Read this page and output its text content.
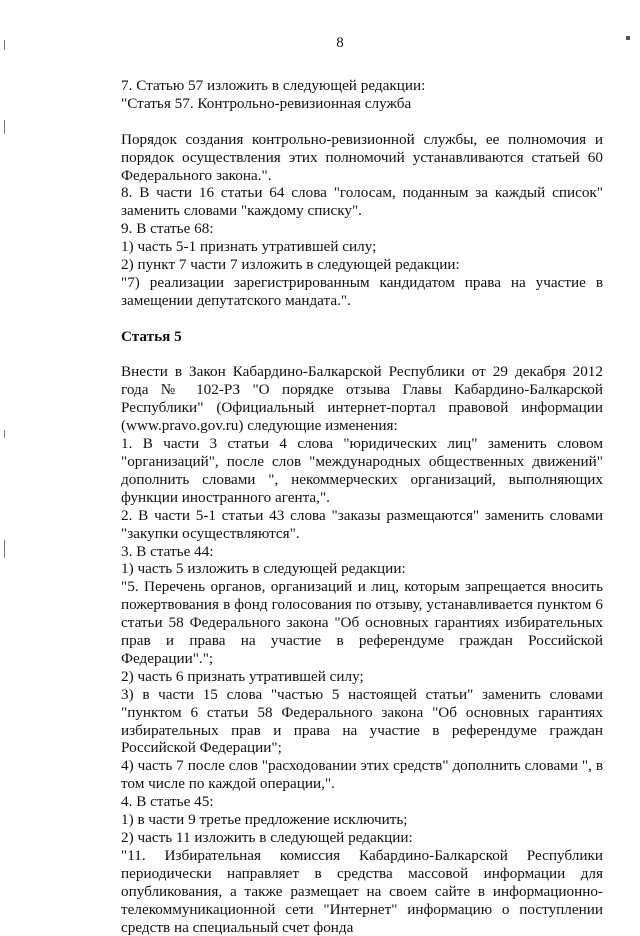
8

7. Статью 57 изложить в следующей редакции:

"Статья 57. Контрольно-ревизионная служба

Порядок создания контрольно-ревизионной службы, ее полномочия и порядок осуществления этих полномочий устанавливаются статьей 60 Федерального закона.".

8. В части 16 статьи 64 слова "голосам, поданным за каждый список" заменить словами "каждому списку".

9. В статье 68:

1) часть 5-1 признать утратившей силу;

2) пункт 7 части 7 изложить в следующей редакции:

"7) реализации зарегистрированным кандидатом права на участие в замещении депутатского мандата.".

Статья 5

Внести в Закон Кабардино-Балкарской Республики от 29 декабря 2012 года № 102-РЗ "О порядке отзыва Главы Кабардино-Балкарской Республики" (Официальный интернет-портал правовой информации (www.pravo.gov.ru) следующие изменения:

1. В части 3 статьи 4 слова "юридических лиц" заменить словом "организаций", после слов "международных общественных движений" дополнить словами ", некоммерческих организаций, выполняющих функции иностранного агента,".

2. В части 5-1 статьи 43 слова "заказы размещаются" заменить словами "закупки осуществляются".

3. В статье 44:

1) часть 5 изложить в следующей редакции:

"5. Перечень органов, организаций и лиц, которым запрещается вносить пожертвования в фонд голосования по отзыву, устанавливается пунктом 6 статьи 58 Федерального закона "Об основных гарантиях избирательных прав и права на участие в референдуме граждан Российской Федерации".";

2) часть 6 признать утратившей силу;

3) в части 15 слова "частью 5 настоящей статьи" заменить словами "пунктом 6 статьи 58 Федерального закона "Об основных гарантиях избирательных прав и права на участие в референдуме граждан Российской Федерации";

4) часть 7 после слов "расходовании этих средств" дополнить словами ", в том числе по каждой операции,".

4. В статье 45:

1) в части 9 третье предложение исключить;

2) часть 11 изложить в следующей редакции:

"11. Избирательная комиссия Кабардино-Балкарской Республики периодически направляет в средства массовой информации для опубликования, а также размещает на своем сайте в информационно-телекоммуникационной сети "Интернет" информацию о поступлении средств на специальный счет фонда
